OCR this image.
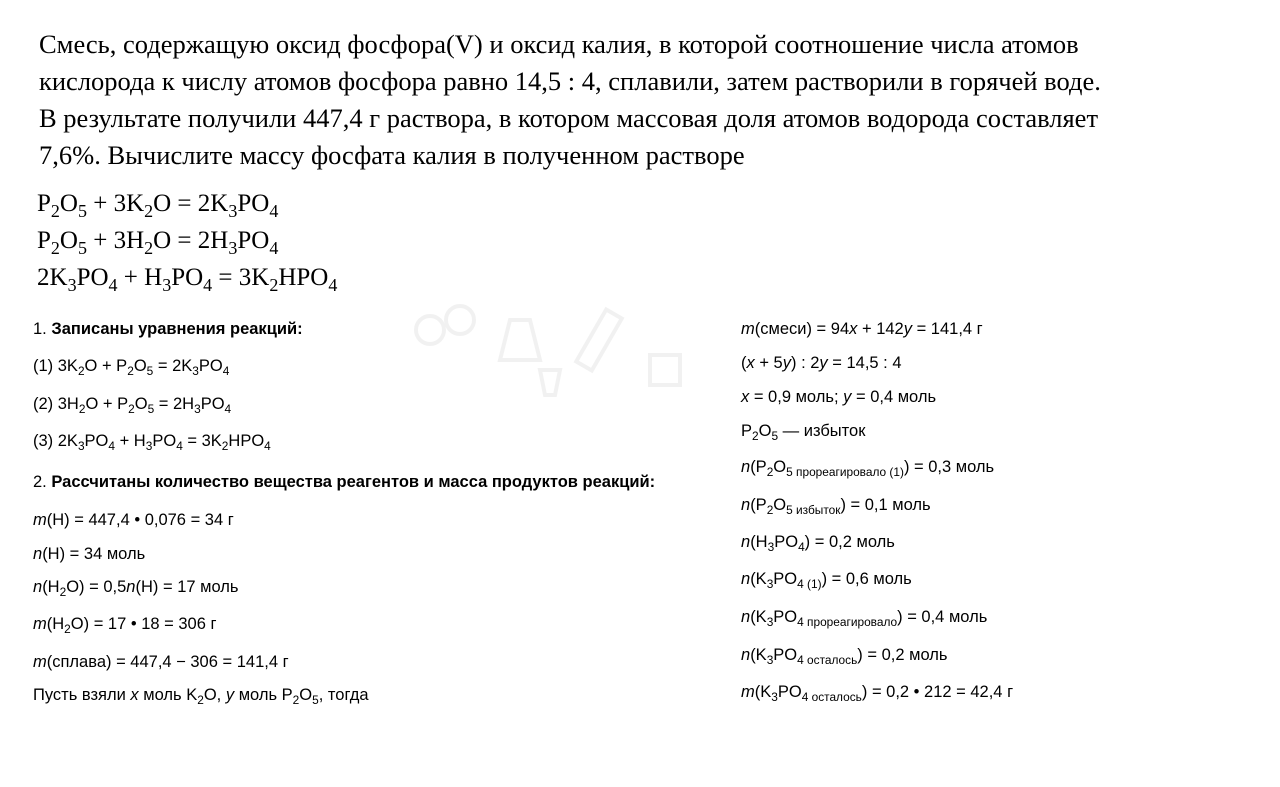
Смесь, содержащую оксид фосфора(V) и оксид калия, в которой соотношение числа атомов
кислорода к числу атомов фосфора равно 14,5 : 4, сплавили, затем растворили в горячей воде.
В результате получили 447,4 г раствора, в котором массовая доля атомов водорода составляет
7,6%. Вычислите массу фосфата калия в полученном растворе
$P_2O_5 + 3K_2O = 2K_3PO_4$
$P_2O_5 + 3H_2O = 2H_3PO_4$
$2K_3PO_4 + H_3PO_4 = 3K_2HPO_4$
1. Записаны уравнения реакций:
(1) $3K_2O + P_2O_5 = 2K_3PO_4$
(2) $3H_2O + P_2O_5 = 2H_3PO_4$
(3) $2K_3PO_4 + H_3PO_4 = 3K_2HPO_4$
2. Рассчитаны количество вещества реагентов и масса продуктов реакций:
m(H) = 447,4 • 0,076 = 34 г
n(H) = 34 моль
$n(H_2O) = 0,5n(H) = 17$ моль
$m(H_2O) = 17$ • 18 = 306 г
m(сплава) = 447,4 − 306 = 141,4 г
Пусть взяли x моль $K_2O$, y моль $P_2O_5$, тогда
m(смеси) = 94x + 142y = 141,4 г
(x + 5y) : 2y = 14,5 : 4
x = 0,9 моль; y = 0,4 моль
$P_2O_5$ — избыток
$n(P_2O_{5 прореагировало (1)}) = 0,3$ моль
$n(P_2O_{5 избыток}) = 0,1$ моль
$n(H_3PO_4) = 0,2$ моль
$n(K_3PO_{4 (1)}) = 0,6$ моль
$n(K_3PO_{4 прореагировало}) = 0,4$ моль
$n(K_3PO_{4 осталось}) = 0,2$ моль
$m(K_3PO_{4 осталось}) = 0,2$ • 212 = 42,4 г
